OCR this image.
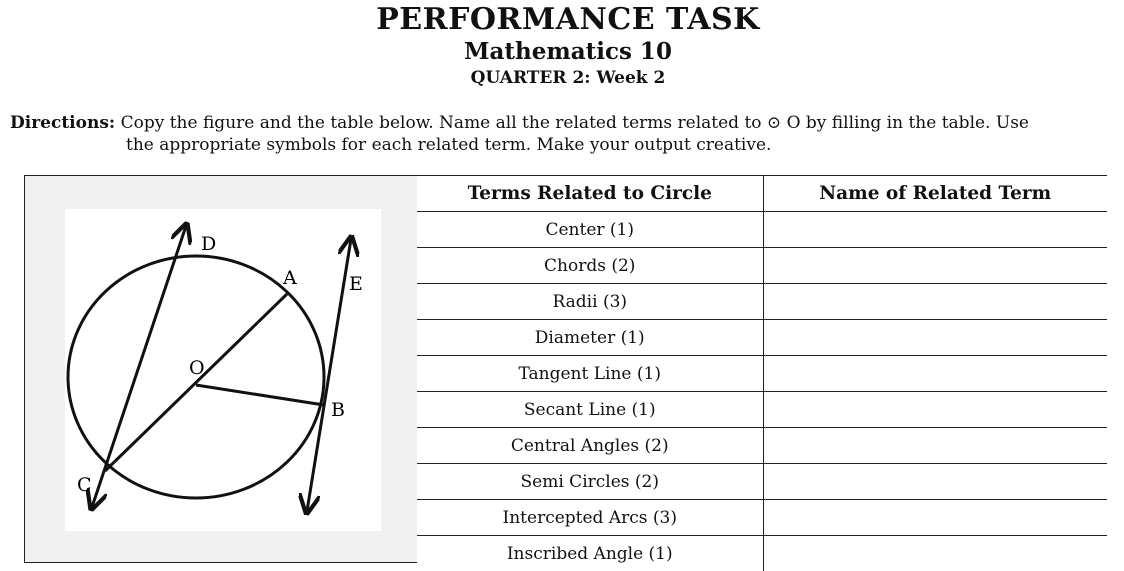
PERFORMANCE TASK
Mathematics 10
QUARTER 2: Week 2
Directions: Copy the figure and the table below. Name all the related terms related to ⊙ O by filling in the table. Use
the appropriate symbols for each related term. Make your output creative.
D
A	E
O
B
C
Terms Related to Circle	Name of Related Term
Center (1)	
Chords (2)	
Radii (3)	
Diameter (1)	
Tangent Line (1)	
Secant Line (1)	
Central Angles (2)	
Semi Circles (2)	
Intercepted Arcs (3)	
Inscribed Angle (1)	
